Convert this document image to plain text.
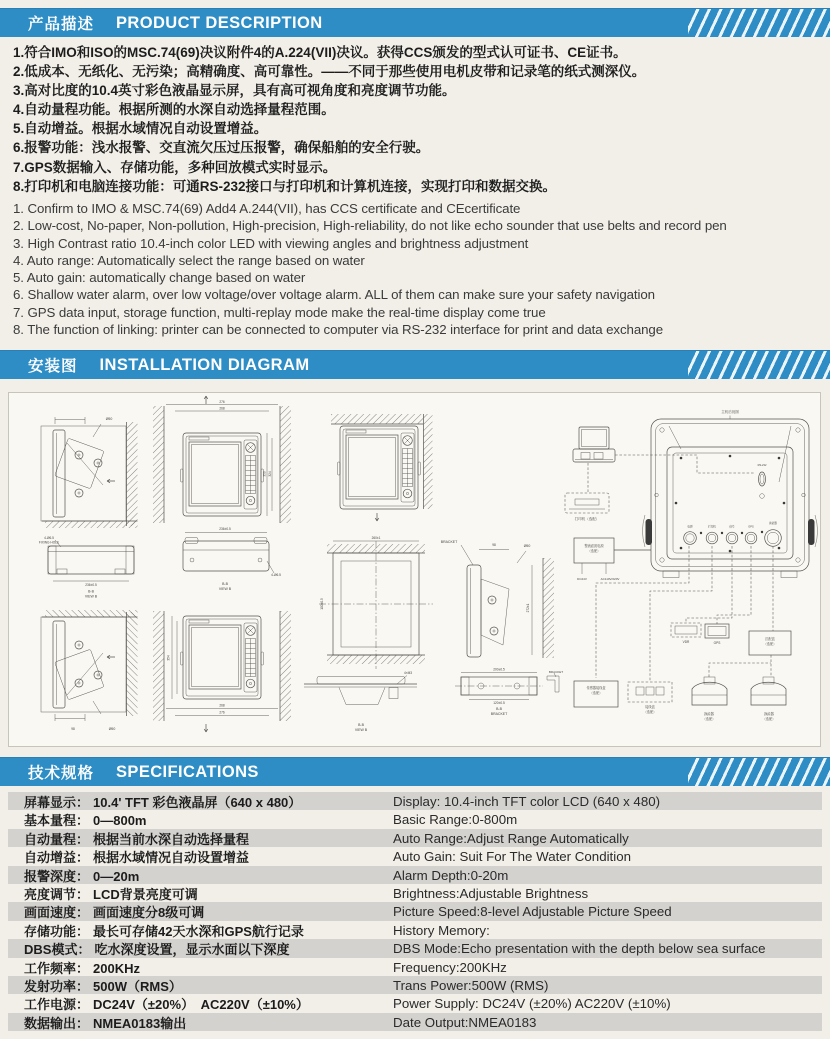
产品描述 PRODUCT DESCRIPTION
1.符合IMO和ISO的MSC.74(69)决议附件4的A.224(VII)决议。获得CCS颁发的型式认可证书、CE证书。
2.低成本、无纸化、无污染；高精确度、高可靠性。——不同于那些使用电机皮带和记录笔的纸式测深仪。
3.高对比度的10.4英寸彩色液晶显示屏，具有高可视角度和亮度调节功能。
4.自动量程功能。根据所测的水深自动选择量程范围。
5.自动增益。根据水域情况自动设置增益。
6.报警功能：浅水报警、交直流欠压过压报警，确保船舶的安全行驶。
7.GPS数据输入、存储功能，多种回放模式实时显示。
8.打印机和电脑连接功能：可通RS-232接口与打印机和计算机连接，实现打印和数据交换。
1. Confirm to IMO & MSC.74(69) Add4 A.244(VII), has CCS certificate and CEcertificate
2. Low-cost, No-paper, Non-pollution, High-precision, High-reliability, do not like echo sounder that use belts and record pen
3. High Contrast ratio 10.4-inch color LED with viewing angles and brightness adjustment
4. Auto range: Automatically select the range based on water
5. Auto gain: automatically change based on water
6. Shallow water alarm, over low voltage/over voltage alarm. ALL of them can make sure your safety navigation
7. GPS data input, storage function, multi-replay mode make the real-time display come true
8. The function of linking: printer can be connected to computer via RS-232 interface for print and data exchange
安装图 INSTALLATION DIAGRAM
Ø50
276
268
350 324
4-Ø6.5
FIXING HOLE
236±0.5
B-B
VIEW B
236±0.5
B-B
VIEW B
4-Ø6.5
260±1
100±0.5
98	Ø50
268
276
354
B-B
VIEW B
4×M3
BRACKET
98	Ø50
272±1
200±0.5
120±0.5
B-B
BRACKET
BRACKET
打印机（选配）
整流滤波电源
（选配）
DC24V	AC110V/220V
主机后视图
RS-232
电源	打印机	信号	GPS
换能器
传感器接线盒
（选配）
接线盒
（选配）
VDR	GPS
匹配盒
（选配）
换能器
（选配）
换能器
（选配）
技术规格 SPECIFICATIONS
屏幕显示： 10.4' TFT 彩色液晶屏（640 x 480）	Display: 10.4-inch TFT color LCD (640 x 480)
基本量程： 0—800m	Basic Range:0-800m
自动量程： 根据当前水深自动选择量程	Auto Range:Adjust Range Automatically
自动增益： 根据水域情况自动设置增益	Auto Gain: Suit For The Water Condition
报警深度： 0—20m	Alarm Depth:0-20m
亮度调节： LCD背景亮度可调	Brightness:Adjustable Brightness
画面速度： 画面速度分8级可调	Picture Speed:8-level Adjustable Picture Speed
存储功能： 最长可存储42天水深和GPS航行记录	History Memory:
DBS模式： 吃水深度设置，显示水面以下深度	DBS Mode:Echo presentation with the depth below sea surface
工作频率： 200KHz	Frequency:200KHz
发射功率： 500W（RMS）	Trans Power:500W (RMS)
工作电源： DC24V（±20%）　AC220V（±10%）	Power Supply: DC24V (±20%) AC220V (±10%)
数据输出： NMEA0183输出	Date Output:NMEA0183
